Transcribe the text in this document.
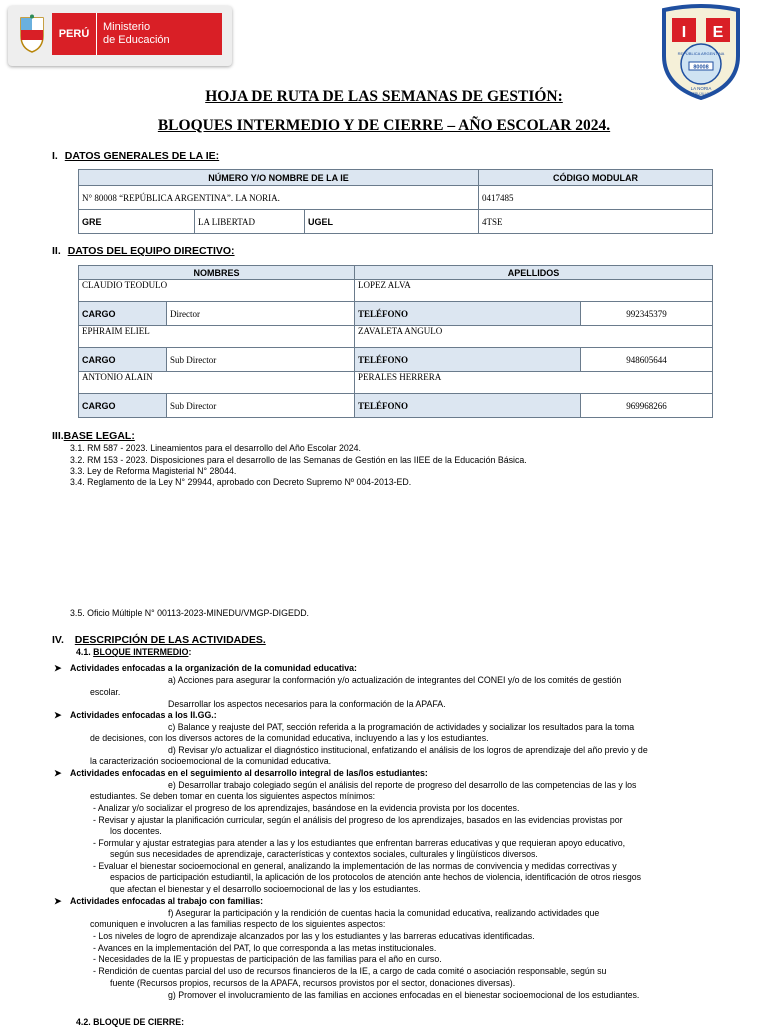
PERÚ
Ministerio
de Educación	I E
80008
REPÚBLICA ARGENTINA
LA NORIA
TRUJILLO
HOJA DE RUTA DE LAS SEMANAS DE GESTIÓN:
BLOQUES INTERMEDIO Y DE CIERRE – AÑO ESCOLAR 2024.
I. DATOS GENERALES DE LA IE:
NÚMERO Y/O NOMBRE DE LA IE			CÓDIGO MODULAR
N° 80008 “REPÚBLICA ARGENTINA”. LA NORIA.			0417485
GRE	LA LIBERTAD	UGEL	4TSE
II. DATOS DEL EQUIPO DIRECTIVO:
NOMBRES		APELLIDOS	
CLAUDIO TEODULO		LOPEZ ALVA	
CARGO	Director	TELÉFONO	992345379
EPHRAIM ELIEL		ZAVALETA ANGULO	
CARGO	Sub Director	TELÉFONO	948605644
ANTONIO ALAIN		PERALES HERRERA	
CARGO	Sub Director	TELÉFONO	969968266
III.BASE LEGAL:
3.1. RM 587 - 2023. Lineamientos para el desarrollo del Año Escolar 2024.
3.2. RM 153 - 2023. Disposiciones para el desarrollo de las Semanas de Gestión en las IIEE de la Educación Básica.
3.3. Ley de Reforma Magisterial N° 28044.
3.4. Reglamento de la Ley N° 29944, aprobado con Decreto Supremo Nº 004-2013-ED.
3.5. Oficio Múltiple N° 00113-2023-MINEDU/VMGP-DIGEDD.
IV. DESCRIPCIÓN DE LAS ACTIVIDADES.
4.1. BLOQUE INTERMEDIO:
➤ Actividades enfocadas a la organización de la comunidad educativa:
a) Acciones para asegurar la conformación y/o actualización de integrantes del CONEI y/o de los comités de gestión
escolar.
Desarrollar los aspectos necesarios para la conformación de la APAFA.
➤ Actividades enfocadas a los II.GG.:
c) Balance y reajuste del PAT, sección referida a la programación de actividades y socializar los resultados para la toma
de decisiones, con los diversos actores de la comunidad educativa, incluyendo a las y los estudiantes.
d) Revisar y/o actualizar el diagnóstico institucional, enfatizando el análisis de los logros de aprendizaje del año previo y de
la caracterización socioemocional de la comunidad educativa.
➤ Actividades enfocadas en el seguimiento al desarrollo integral de las/los estudiantes:
e) Desarrollar trabajo colegiado según el análisis del reporte de progreso del desarrollo de las competencias de las y los
estudiantes. Se deben tomar en cuenta los siguientes aspectos mínimos:
- Analizar y/o socializar el progreso de los aprendizajes, basándose en la evidencia provista por los docentes.
- Revisar y ajustar la planificación curricular, según el análisis del progreso de los aprendizajes, basados en las evidencias provistas por
los docentes.
- Formular y ajustar estrategias para atender a las y los estudiantes que enfrentan barreras educativas y que requieran apoyo educativo,
según sus necesidades de aprendizaje, características y contextos sociales, culturales y lingüísticos diversos.
- Evaluar el bienestar socioemocional en general, analizando la implementación de las normas de convivencia y medidas correctivas y
espacios de participación estudiantil, la aplicación de los protocolos de atención ante hechos de violencia, identificación de otros riesgos
que afectan el bienestar y el desarrollo socioemocional de las y los estudiantes.
➤ Actividades enfocadas al trabajo con familias:
f) Asegurar la participación y la rendición de cuentas hacia la comunidad educativa, realizando actividades que
comuniquen e involucren a las familias respecto de los siguientes aspectos:
- Los niveles de logro de aprendizaje alcanzados por las y los estudiantes y las barreras educativas identificadas.
- Avances en la implementación del PAT, lo que corresponda a las metas institucionales.
- Necesidades de la IE y propuestas de participación de las familias para el año en curso.
- Rendición de cuentas parcial del uso de recursos financieros de la IE, a cargo de cada comité o asociación responsable, según su
fuente (Recursos propios, recursos de la APAFA, recursos provistos por el sector, donaciones diversas).
g) Promover el involucramiento de las familias en acciones enfocadas en el bienestar socioemocional de los estudiantes.
4.2. BLOQUE DE CIERRE:
